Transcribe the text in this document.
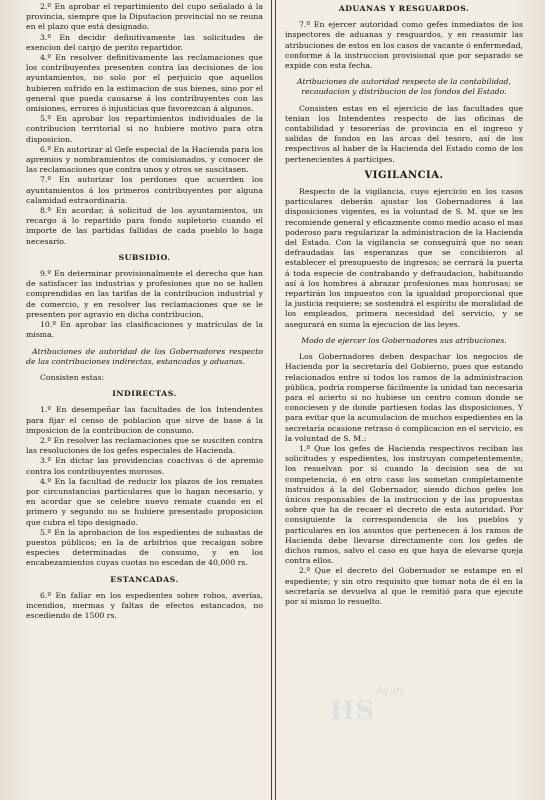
2.º En aprobar el repartimiento del cupo señalado á la provincia, siempre que la Diputacion provincial no se reuna en el plazo que está designado.

3.º En decidir definitivamente las solicitudes de exencion del cargo de perito repartidor.

4.º En resolver definitivamente las reclamaciones que los contribuyentes presenten contra las decisiones de los ayuntamientos, no solo por el perjuicio que aquellos hubieren sufrido en la estimacion de sus bienes, sino por el general que pueda causarse á los contribuyentes con las omisiones, errores ó injusticias que favorezcan á algunos.

5.º En aprobar los repartimientos individuales de la contribucion territorial si no hubiere motivo para otra disposicion.

6.º En autorizar al Gefe especial de la Hacienda para los apremios y nombramientos de comisionados, y conocer de las reclamaciones que contra unos y otros se suscitasen.

7.º En autorizar los perdones que acuerden los ayuntamientos á los primeros contribuyentes por alguna calamidad estraordinaria.

8.º En acordar, á solicitud de los ayuntamientos, un recargo á lo repartido para fondo supletorio cuando el importe de las partidas fallidas de cada pueblo lo haga necesario.

SUBSIDIO.

9.º En determinar provisionalmente el derecho que han de satisfacer las industrias y profesiones que no se hallen comprendidas en las tarifas de la contribucion industrial y de comercio, y en resolver las reclamaciones que se le presenten por agravio en dicha contribucion.

10.º En aprobar las clasificaciones y matrículas de la misma.

Atribuciones de autoridad de los Gobernadores respecto de las contribuciones indirectas, estancadas y aduanas.

Consisten estas:

INDIRECTAS.

1.º En desempeñar las facultades de los Intendentes para fijar el censo de poblacion que sirve de base á la imposicion de la contribucion de consumo.

2.º En resolver las reclamaciones que se susciten contra las resoluciones de los gefes especiales de Hacienda.

3.º En dictar las providencias coactivas ó de apremio contra los contribuyentes morosos.

4.º En la facultad de reducir los plazos de los remates por circunstancias particulares que lo hagan necesario, y en acordar que se celebre nuevo remate cuando en el primero y segundo no se hubiere presentado proposicion que cubra el tipo designado.

5.º En la aprobacion de los espedientes de subastas de puestos públicos; en la de arbitrios que recaigan sobre especies determinadas de consumo, y en los encabezamientos cuyas cuotas no escedan de 40,000 rs.

ESTANCADAS.

6.º En fallar en los espedientes sobre robos, averías, incendios, mermas y faltas de efectos estancados, no escediendo de 1500 rs.

ADUANAS Y RESGUARDOS.

7.º En ejercer autoridad como gefes inmediatos de los inspectores de aduanas y resguardos, y en reasumir las atribuciones de estos en los casos de vacante ó enfermedad, conforme á la instruccion provisional que por separado se expide con esta fecha.

Atribuciones de autoridad respecto de la contabilidad, recaudacion y distribucion de los fondos del Estado.

Consisten estas en el ejercicio de las facultades que tenian los Intendentes respecto de las oficinas de contabilidad y tesorerías de provincia en el ingreso y salidas de fondos en las arcas del tesoro, así de los respectivos al haber de la Hacienda del Estado como de los pertenecientes á partícipes.

VIGILANCIA.

Respecto de la vigilancia, cuyo ejercicio en los casos particulares deberán ajustar los Gobernadores á las disposiciones vigentes, es la voluntad de S. M. que se les recomiende general y eficazmente como medio acaso el mas poderoso para regularizar la administracion de la Hacienda del Estado. Con la vigilancia se conseguirá que no sean defraudadas las esperanzas que se concibieron al establecer el presupuesto de ingresos; se cerrará la puerta á toda especie de contrabando y defraudacion, habituando así á los hombres á abrazar profesiones mas honrosas; se repartirán los impuestos con la igualdad proporcional que la justicia requiere; se sostendrá el espíritu de moralidad de los empleados, primera necesidad del servicio, y se asegurará en suma la ejecucion de las leyes.

Modo de ejercer los Gobernadores sus atribuciones.

Los Gobernadores deben despachar los negocios de Hacienda por la secretaría del Gobierno, pues que estando relacionados entre sí todos los ramos de la administracion pública, podría romperse fácilmente la unidad tan necesaria para el acierto si no hubiese un centro comun donde se conociesen y de donde partiesen todas las disposiciones. Y para evitar que la acumulacion de muchos espedientes en la secretaría ocasione retraso ó complicacion en el servicio, es la voluntad de S. M.:

1.º Que los gefes de Hacienda respectivos reciban las solicitudes y espedientes, los instruyan competentemente, los resuelvan por sí cuando la decision sea de su competencia, ó en otro caso los sometan completamente instruidos á la del Gobernador, siendo dichos gefes los únicos responsables de la instruccion y de las propuestas sobre que ha de recaer el decreto de esta autoridad. Por consiguiente la correspondencia de los pueblos y particulares en los asuntos que pertenecen á los ramos de Hacienda debe llevarse directamente con los gefes de dichos ramos, salvo el caso en que haya de elevarse queja contra ellos.

2.º Que el decreto del Gobernador se estampe en el espediente; y sin otro requisito que tomar nota de él en la secretaría se devuelva al que le remitió para que ejecute por sí mismo lo resuelto.

Ayun
HS
